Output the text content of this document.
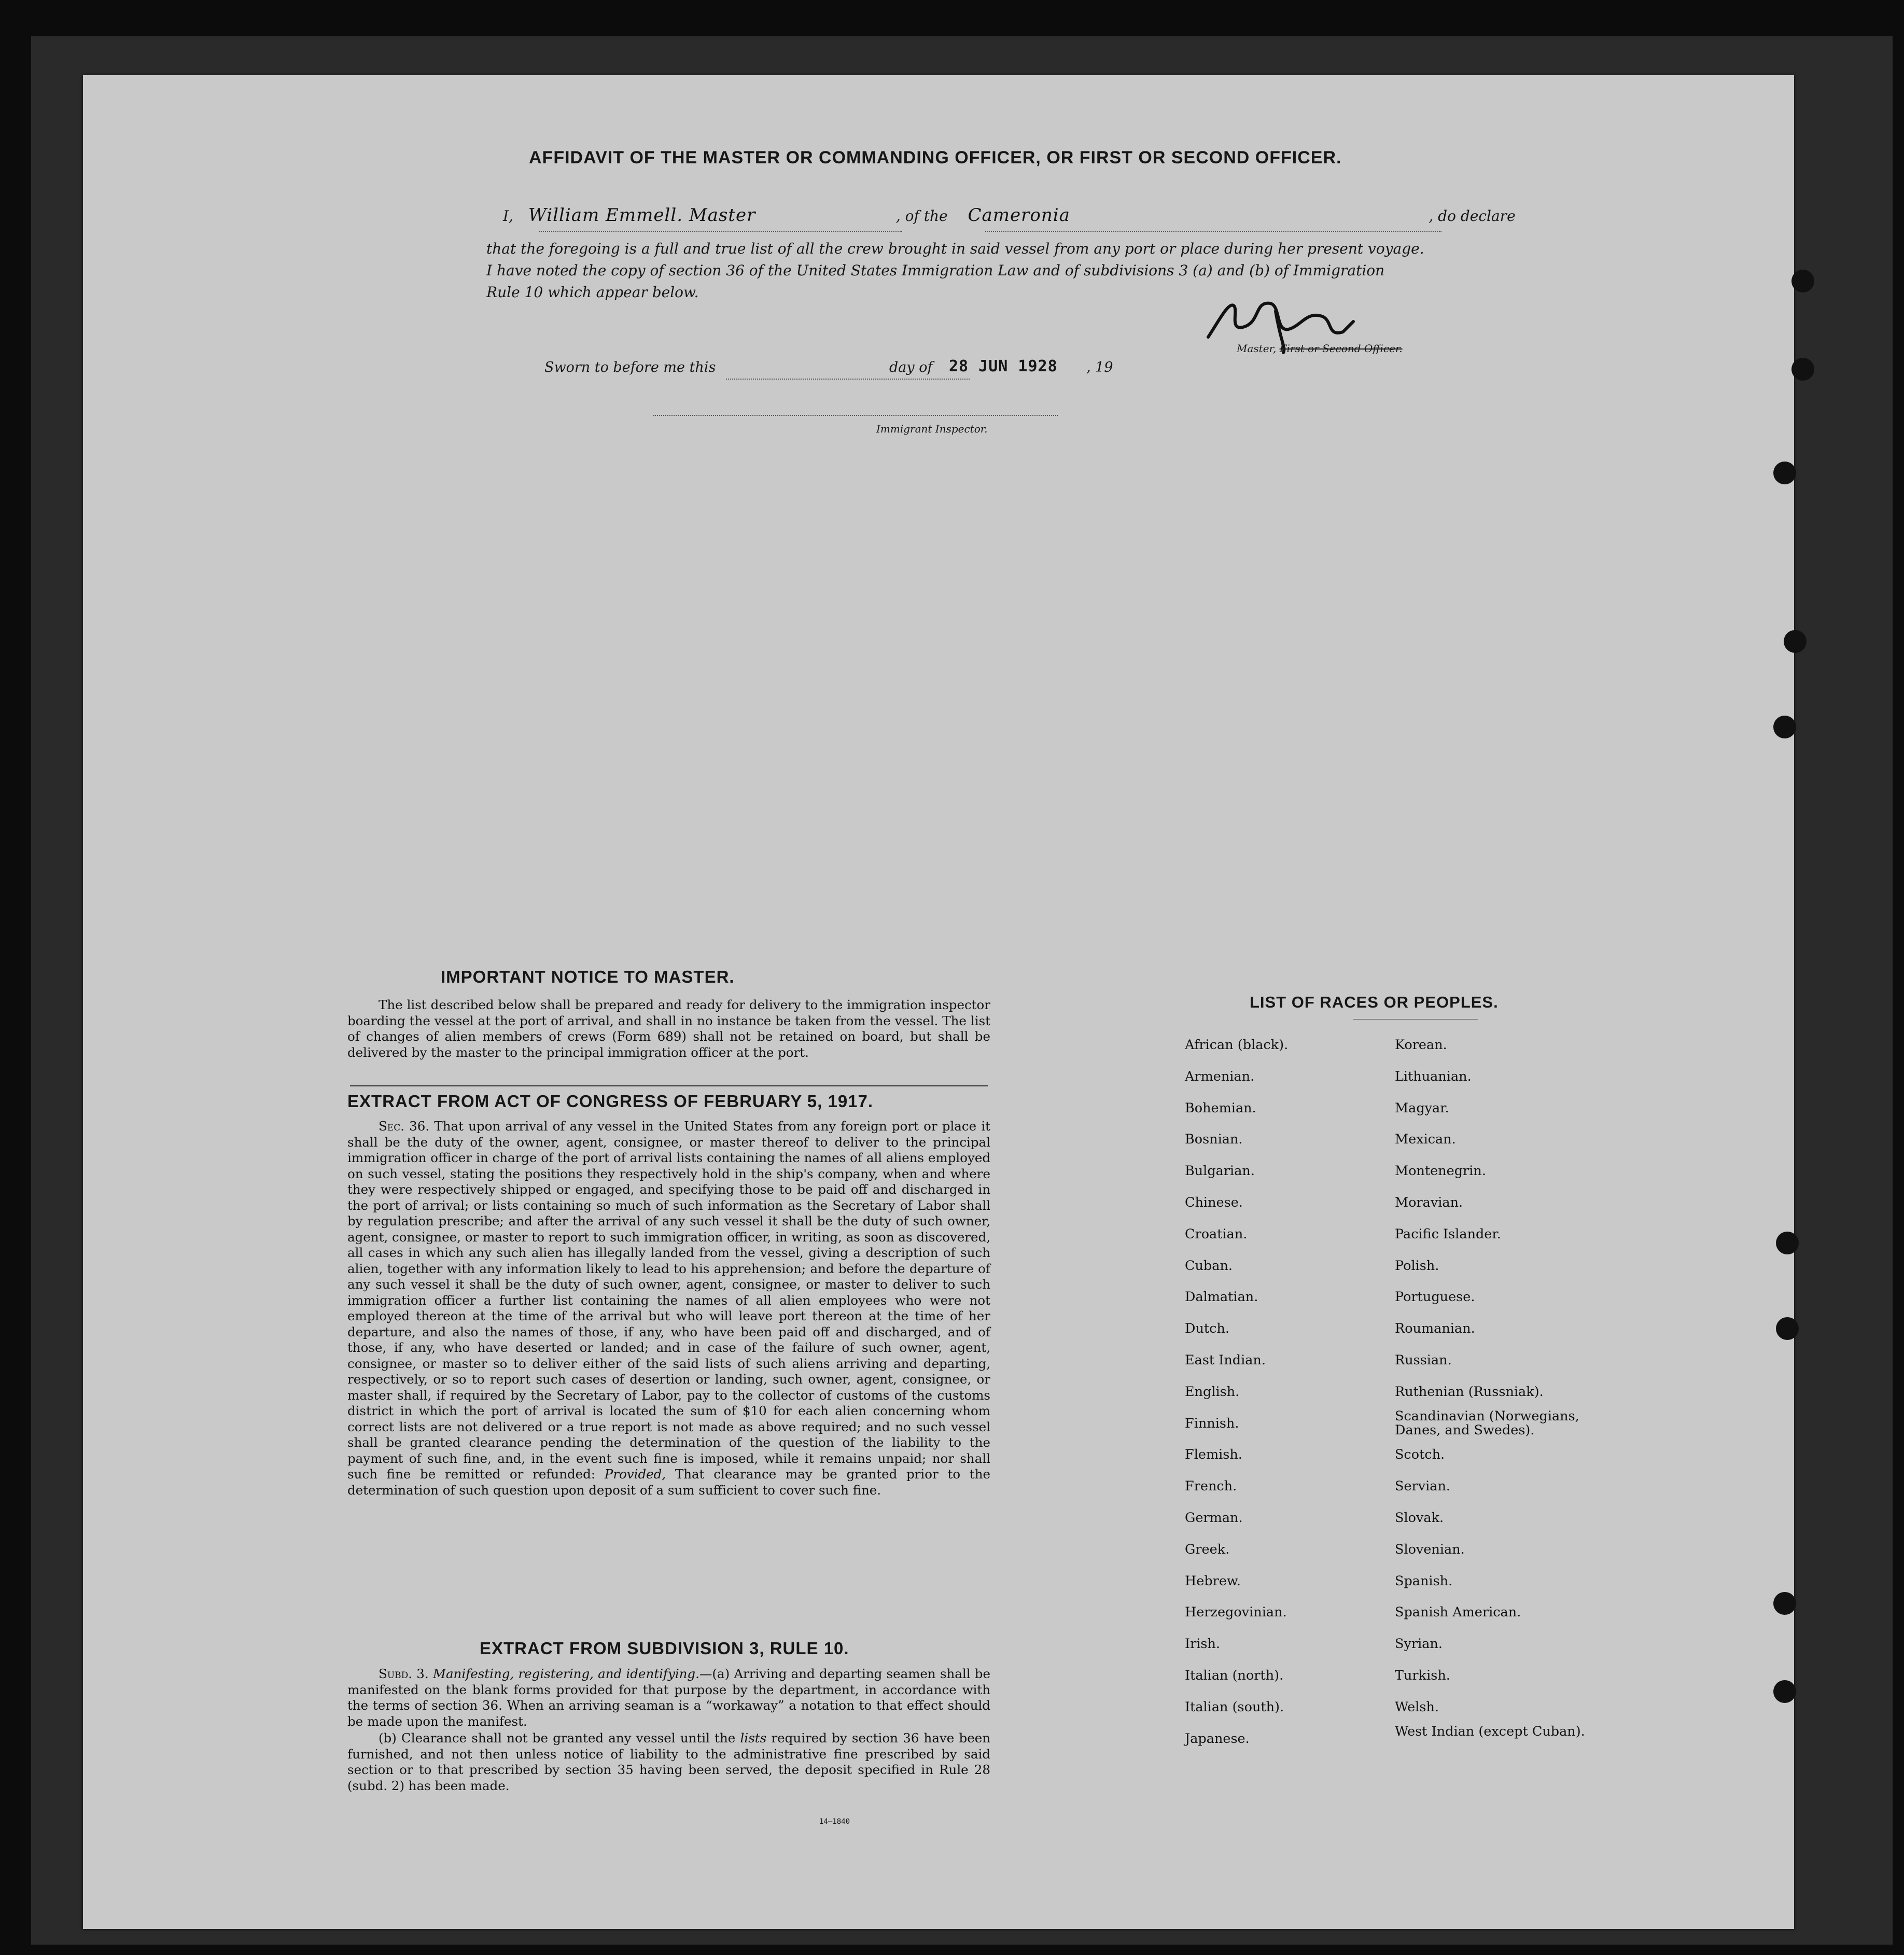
AFFIDAVIT OF THE MASTER OR COMMANDING OFFICER, OR FIRST OR SECOND OFFICER.
I, William Emmell. Master	, of the Cameronia	, do declare
that the foregoing is a full and true list of all the crew brought in said vessel from any port or place during her present voyage.
I have noted the copy of section 36 of the United States Immigration Law and of subdivisions 3 (a) and (b) of Immigration
Rule 10 which appear below.
Master, First or Second Officer.
Sworn to before me this	day of 28 JUN 1928 , 19
Immigrant Inspector.
IMPORTANT NOTICE TO MASTER.

The list described below shall be prepared and ready for delivery to the immigration inspector boarding the vessel at the port of arrival, and shall in no instance be taken from the vessel. The list of changes of alien members of crews (Form 689) shall not be retained on board, but shall be delivered by the master to the principal immigration officer at the port.

EXTRACT FROM ACT OF CONGRESS OF FEBRUARY 5, 1917.

Sec. 36. That upon arrival of any vessel in the United States from any foreign port or place it shall be the duty of the owner, agent, consignee, or master thereof to deliver to the principal immigration officer in charge of the port of arrival lists containing the names of all aliens employed on such vessel, stating the positions they respectively hold in the ship's company, when and where they were respectively shipped or engaged, and specifying those to be paid off and discharged in the port of arrival; or lists containing so much of such information as the Secretary of Labor shall by regulation prescribe; and after the arrival of any such vessel it shall be the duty of such owner, agent, consignee, or master to report to such immigration officer, in writing, as soon as discovered, all cases in which any such alien has illegally landed from the vessel, giving a description of such alien, together with any information likely to lead to his apprehension; and before the departure of any such vessel it shall be the duty of such owner, agent, consignee, or master to deliver to such immigration officer a further list containing the names of all alien employees who were not employed thereon at the time of the arrival but who will leave port thereon at the time of her departure, and also the names of those, if any, who have been paid off and discharged, and of those, if any, who have deserted or landed; and in case of the failure of such owner, agent, consignee, or master so to deliver either of the said lists of such aliens arriving and departing, respectively, or so to report such cases of desertion or landing, such owner, agent, consignee, or master shall, if required by the Secretary of Labor, pay to the collector of customs of the customs district in which the port of arrival is located the sum of $10 for each alien concerning whom correct lists are not delivered or a true report is not made as above required; and no such vessel shall be granted clearance pending the determination of the question of the liability to the payment of such fine, and, in the event such fine is imposed, while it remains unpaid; nor shall such fine be remitted or refunded: Provided, That clearance may be granted prior to the determination of such question upon deposit of a sum sufficient to cover such fine.

EXTRACT FROM SUBDIVISION 3, RULE 10.

Subd. 3. Manifesting, registering, and identifying.—(a) Arriving and departing seamen shall be manifested on the blank forms provided for that purpose by the department, in accordance with the terms of section 36. When an arriving seaman is a “workaway” a notation to that effect should be made upon the manifest.

(b) Clearance shall not be granted any vessel until the lists required by section 36 have been furnished, and not then unless notice of liability to the administrative fine prescribed by said section or to that prescribed by section 35 having been served, the deposit specified in Rule 28 (subd. 2) has been made.

14—1840
LIST OF RACES OR PEOPLES.
African (black).
Armenian.
Bohemian.
Bosnian.
Bulgarian.
Chinese.
Croatian.
Cuban.
Dalmatian.
Dutch.
East Indian.
English.
Finnish.
Flemish.
French.
German.
Greek.
Hebrew.
Herzegovinian.
Irish.
Italian (north).
Italian (south).
Japanese.
Korean.
Lithuanian.
Magyar.
Mexican.
Montenegrin.
Moravian.
Pacific Islander.
Polish.
Portuguese.
Roumanian.
Russian.
Ruthenian (Russniak).
Scandinavian (Norwegians, Danes, and Swedes).
Scotch.
Servian.
Slovak.
Slovenian.
Spanish.
Spanish American.
Syrian.
Turkish.
Welsh.
West Indian (except Cuban).
